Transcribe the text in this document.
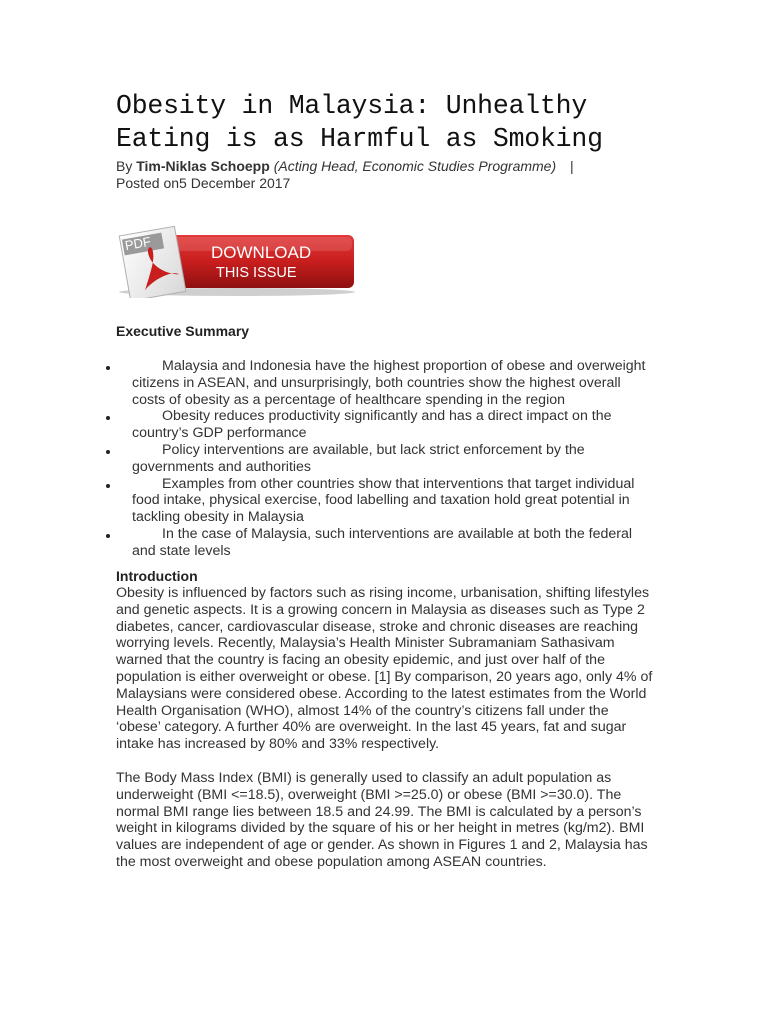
Obesity in Malaysia: Unhealthy Eating is as Harmful as Smoking
By Tim-Niklas Schoepp (Acting Head, Economic Studies Programme) |
Posted on5 December 2017
PDF	DOWNLOAD
THIS ISSUE
Executive Summary
Malaysia and Indonesia have the highest proportion of obese and overweight citizens in ASEAN, and unsurprisingly, both countries show the highest overall costs of obesity as a percentage of healthcare spending in the region
Obesity reduces productivity significantly and has a direct impact on the country’s GDP performance
Policy interventions are available, but lack strict enforcement by the governments and authorities
Examples from other countries show that interventions that target individual food intake, physical exercise, food labelling and taxation hold great potential in tackling obesity in Malaysia
In the case of Malaysia, such interventions are available at both the federal and state levels
Introduction

Obesity is influenced by factors such as rising income, urbanisation, shifting lifestyles and genetic aspects. It is a growing concern in Malaysia as diseases such as Type 2 diabetes, cancer, cardiovascular disease, stroke and chronic diseases are reaching worrying levels. Recently, Malaysia’s Health Minister Subramaniam Sathasivam warned that the country is facing an obesity epidemic, and just over half of the population is either overweight or obese. [1] By comparison, 20 years ago, only 4% of Malaysians were considered obese. According to the latest estimates from the World Health Organisation (WHO), almost 14% of the country’s citizens fall under the ‘obese’ category. A further 40% are overweight. In the last 45 years, fat and sugar intake has increased by 80% and 33% respectively.

The Body Mass Index (BMI) is generally used to classify an adult population as underweight (BMI <=18.5), overweight (BMI >=25.0) or obese (BMI >=30.0). The normal BMI range lies between 18.5 and 24.99. The BMI is calculated by a person’s weight in kilograms divided by the square of his or her height in metres (kg/m2). BMI values are independent of age or gender. As shown in Figures 1 and 2, Malaysia has the most overweight and obese population among ASEAN countries.
